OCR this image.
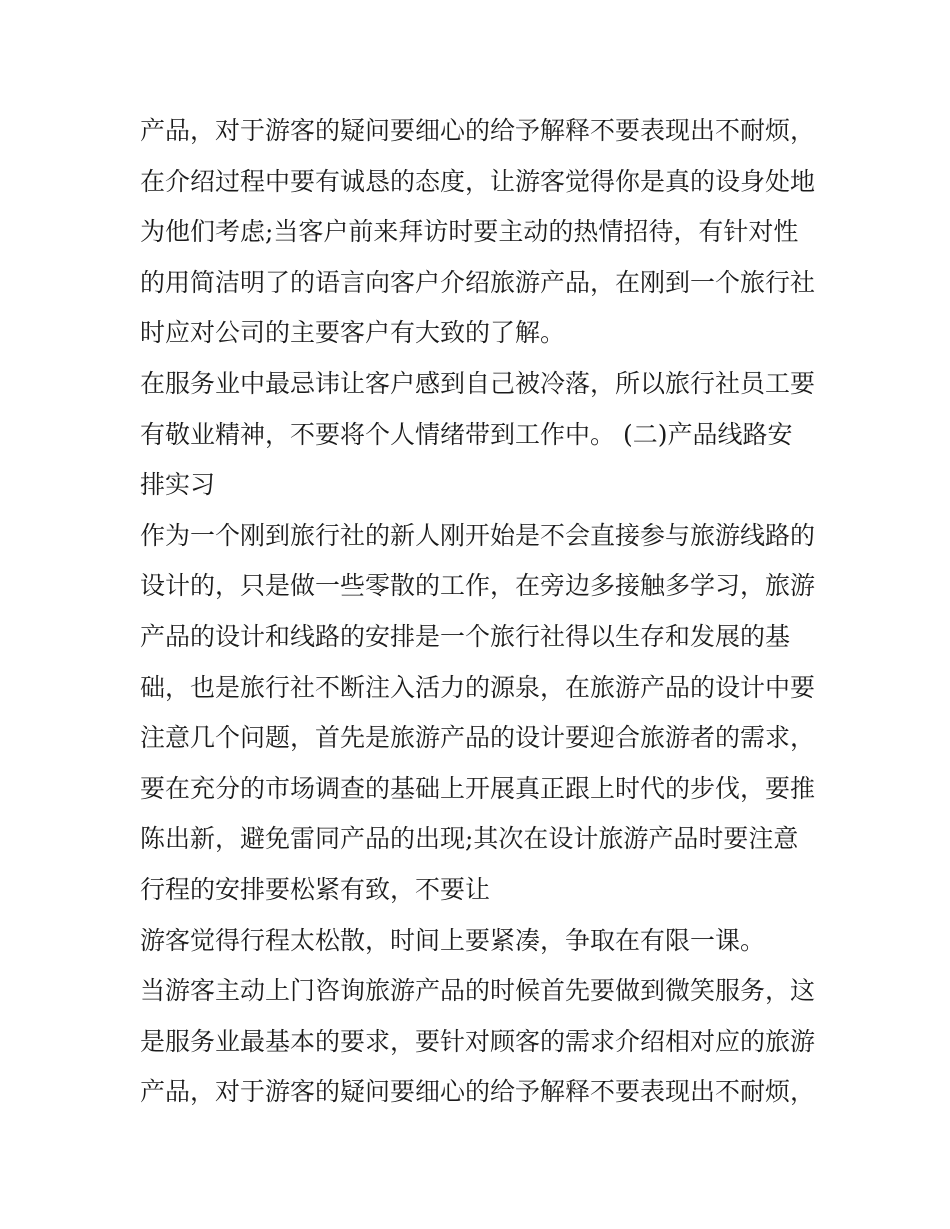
产品，对于游客的疑问要细心的给予解释不要表现出不耐烦，
在介绍过程中要有诚恳的态度，让游客觉得你是真的设身处地
为他们考虑;当客户前来拜访时要主动的热情招待，有针对性
的用简洁明了的语言向客户介绍旅游产品，在刚到一个旅行社
时应对公司的主要客户有大致的了解。
在服务业中最忌讳让客户感到自己被冷落，所以旅行社员工要
有敬业精神，不要将个人情绪带到工作中。 (二)产品线路安
排实习
作为一个刚到旅行社的新人刚开始是不会直接参与旅游线路的
设计的，只是做一些零散的工作，在旁边多接触多学习，旅游
产品的设计和线路的安排是一个旅行社得以生存和发展的基
础，也是旅行社不断注入活力的源泉，在旅游产品的设计中要
注意几个问题，首先是旅游产品的设计要迎合旅游者的需求，
要在充分的市场调查的基础上开展真正跟上时代的步伐，要推
陈出新，避免雷同产品的出现;其次在设计旅游产品时要注意
行程的安排要松紧有致，不要让
游客觉得行程太松散，时间上要紧凑，争取在有限一课。
当游客主动上门咨询旅游产品的时候首先要做到微笑服务，这
是服务业最基本的要求，要针对顾客的需求介绍相对应的旅游
产品，对于游客的疑问要细心的给予解释不要表现出不耐烦，
